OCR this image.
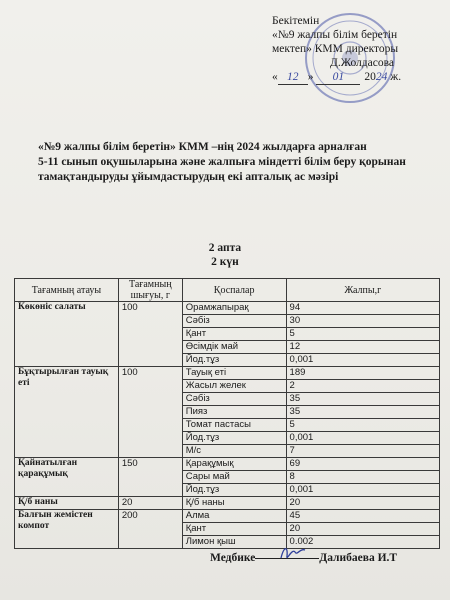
Бекітемін
«№9 жалпы білім беретін
мектеп» КММ директоры
Д.Жолдасова
« 12 » 01 2024 ж.
«№9 жалпы білім беретін» КММ –нің 2024 жылдарға арналған
5-11 сынып оқушыларына және жалпыға міндетті білім беру қорынан
тамақтандыруды ұйымдастырудың екі апталық ас мәзірі
2 апта
2 күн
Тағамның атауы	Тағамның шығуы, г	Қоспалар	Жалпы,г
Көкөніс салаты	100	Орамжапырақ	94
		Сәбіз	30
		Қант	5
		Өсімдік май	12
		Йод.тұз	0,001
Бұқтырылған тауық еті	100	Тауық еті	189
		Жасыл желек	2
		Сәбіз	35
		Пияз	35
		Томат пастасы	5
		Йод.тұз	0,001
		М/с	7
Қайнатылған қарақұмық	150	Қарақұмық	69
		Сары май	8
		Йод.тұз	0,001
Қ/б наны	20	Қ/б наны	20
Балғын жемістен компот	200	Алма	45
		Қант	20
		Лимон қыш	0.002
Медбике	Далибаева И.Т
